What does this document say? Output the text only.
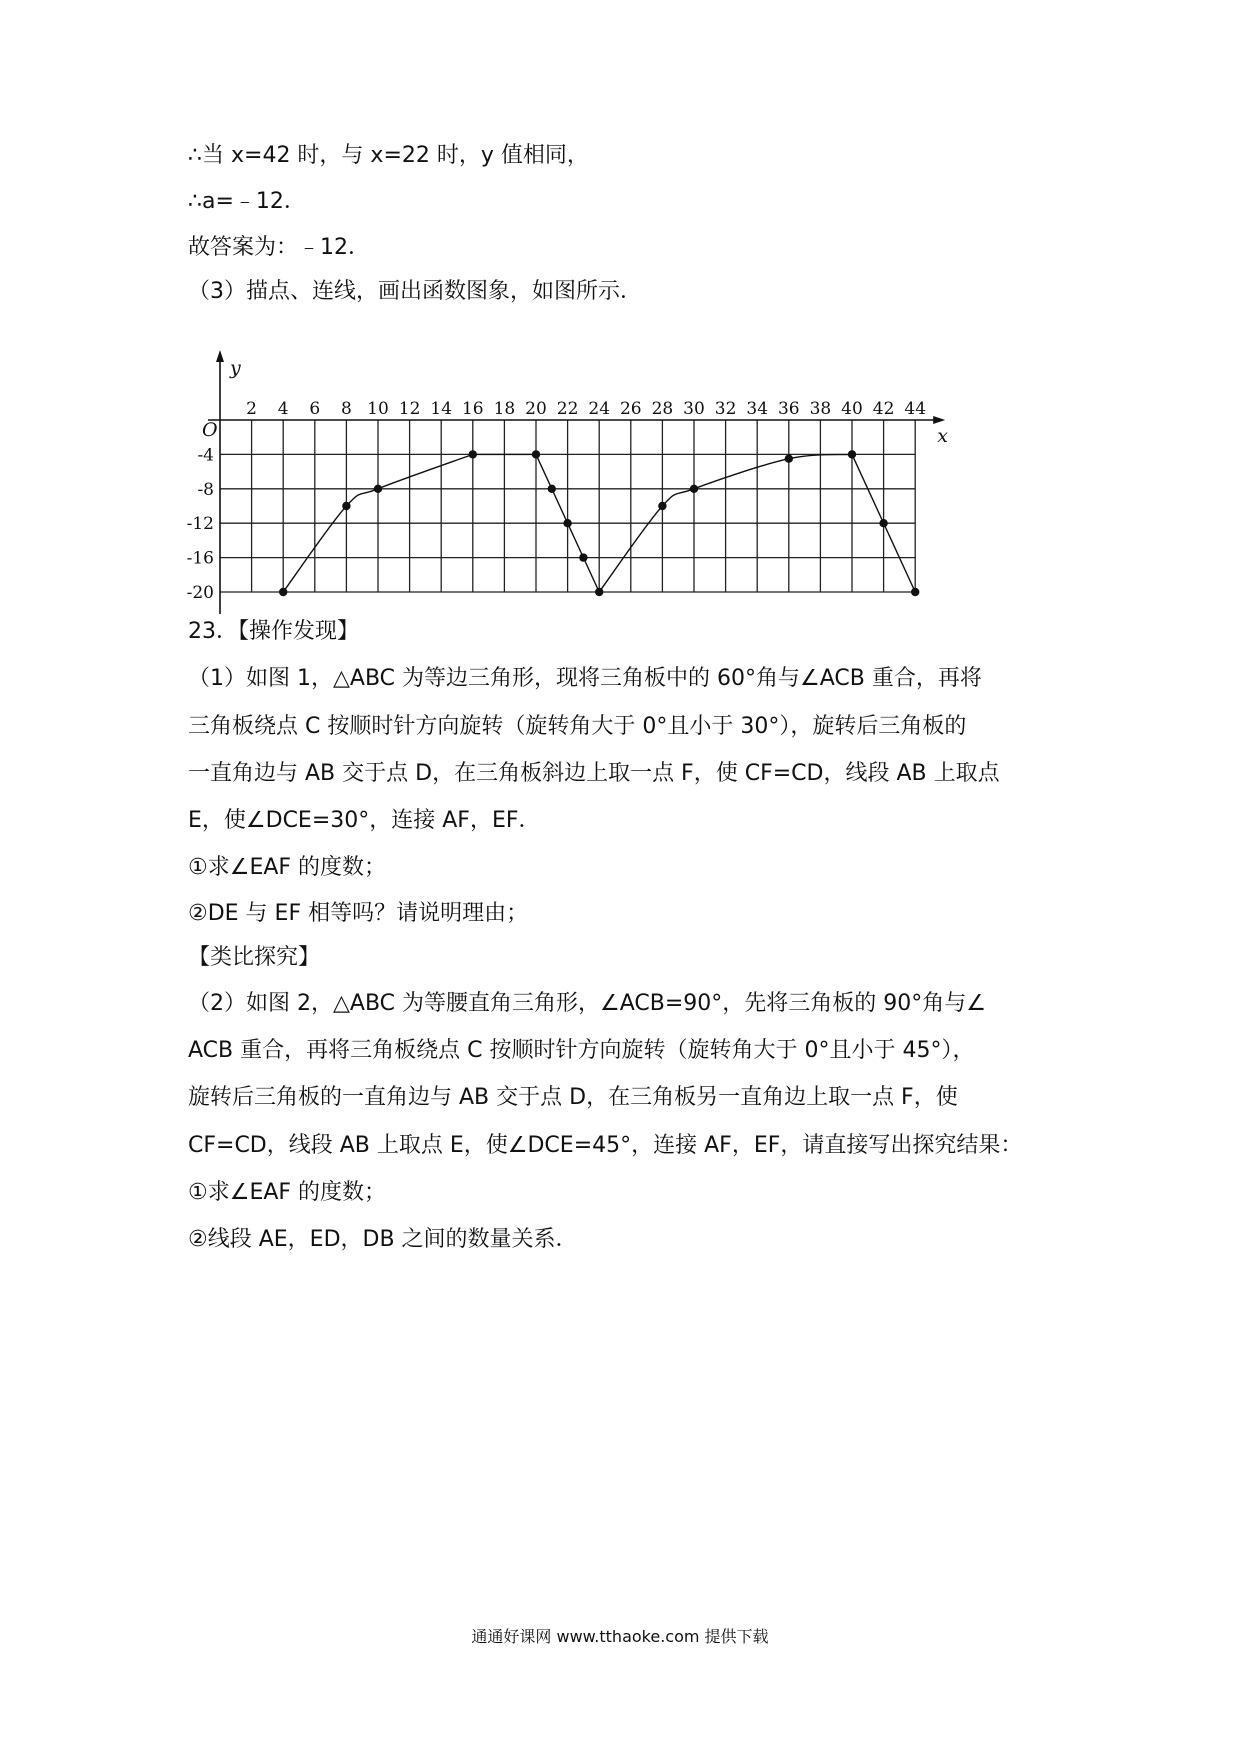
∴当 x=42 时，与 x=22 时，y 值相同，
∴a=﹣12．
故答案为：﹣12．
（3）描点、连线，画出函数图象，如图所示．
x
y
O
2 4 6 8 10 12 14 16 18 20 22 24 26 28 30 32 34 36 38 40 42 44
-4
-8
-12
-16
-20
23．【操作发现】
（1）如图 1，△ABC 为等边三角形，现将三角板中的 60°角与∠ACB 重合，再将
三角板绕点 C 按顺时针方向旋转（旋转角大于 0°且小于 30°），旋转后三角板的
一直角边与 AB 交于点 D，在三角板斜边上取一点 F，使 CF=CD，线段 AB 上取点
E，使∠DCE=30°，连接 AF，EF．
①求∠EAF 的度数；
②DE 与 EF 相等吗？请说明理由；
【类比探究】
（2）如图 2，△ABC 为等腰直角三角形，∠ACB=90°，先将三角板的 90°角与∠
ACB 重合，再将三角板绕点 C 按顺时针方向旋转（旋转角大于 0°且小于 45°），
旋转后三角板的一直角边与 AB 交于点 D，在三角板另一直角边上取一点 F，使
CF=CD，线段 AB 上取点 E，使∠DCE=45°，连接 AF，EF，请直接写出探究结果：
①求∠EAF 的度数；
②线段 AE，ED，DB 之间的数量关系．
通通好课网 www.tthaoke.com 提供下载
